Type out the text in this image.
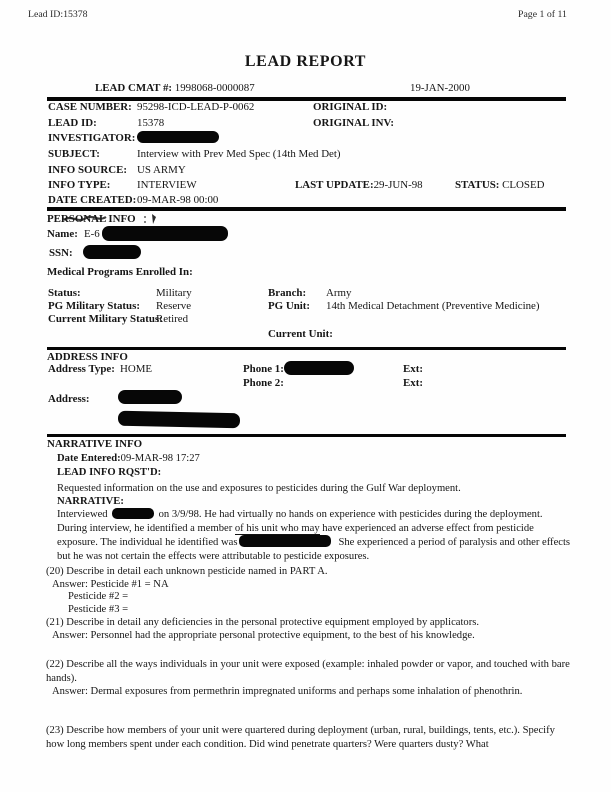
Lead ID:15378	Page 1 of 11
LEAD REPORT
LEAD CMAT #: 1998068-0000087	19-JAN-2000
CASE NUMBER: 95298-ICD-LEAD-P-0062	ORIGINAL ID:
LEAD ID:	15378	ORIGINAL INV:
INVESTIGATOR:
SUBJECT:	Interview with Prev Med Spec (14th Med Det)
INFO SOURCE: US ARMY
INFO TYPE: INTERVIEW	LAST UPDATE:29-JUN-98	STATUS: CLOSED
DATE CREATED: 09-MAR-98 00:00
PERSONAL INFO
Name: E-6
SSN:
Medical Programs Enrolled In:
Status:	Military	Branch: Army
PG Military Status: Reserve	PG Unit: 14th Medical Detachment (Preventive Medicine)
Current Military Status:
Retired
Current Unit:
ADDRESS INFO
Address Type: HOME	Phone 1:	Ext:
Phone 2:	Ext:
Address:
NARRATIVE INFO
Date Entered:09-MAR-98 17:27
LEAD INFO RQST'D:
Requested information on the use and exposures to pesticides during the Gulf War deployment.
NARRATIVE:
Interviewed	on 3/9/98. He had virtually no hands on experience with pesticides during the deployment. During interview, he identified a member of his unit who may have experienced an adverse effect from pesticide exposure. The individual he identified was	She experienced a period of paralysis and other effects but he was not certain the effects were attributable to pesticide exposures.
(20) Describe in detail each unknown pesticide named in PART A.
Answer: Pesticide #1 = NA
Pesticide #2 =
Pesticide #3 =
(21) Describe in detail any deficiencies in the personal protective equipment employed by applicators.
Answer: Personnel had the appropriate personal protective equipment, to the best of his knowledge.
(22) Describe all the ways individuals in your unit were exposed (example: inhaled powder or vapor, and touched with bare hands).
Answer: Dermal exposures from permethrin impregnated uniforms and perhaps some inhalation of phenothrin.
(23) Describe how members of your unit were quartered during deployment (urban, rural, buildings, tents, etc.). Specify how long members spent under each condition. Did wind penetrate quarters? Were quarters dusty? What
